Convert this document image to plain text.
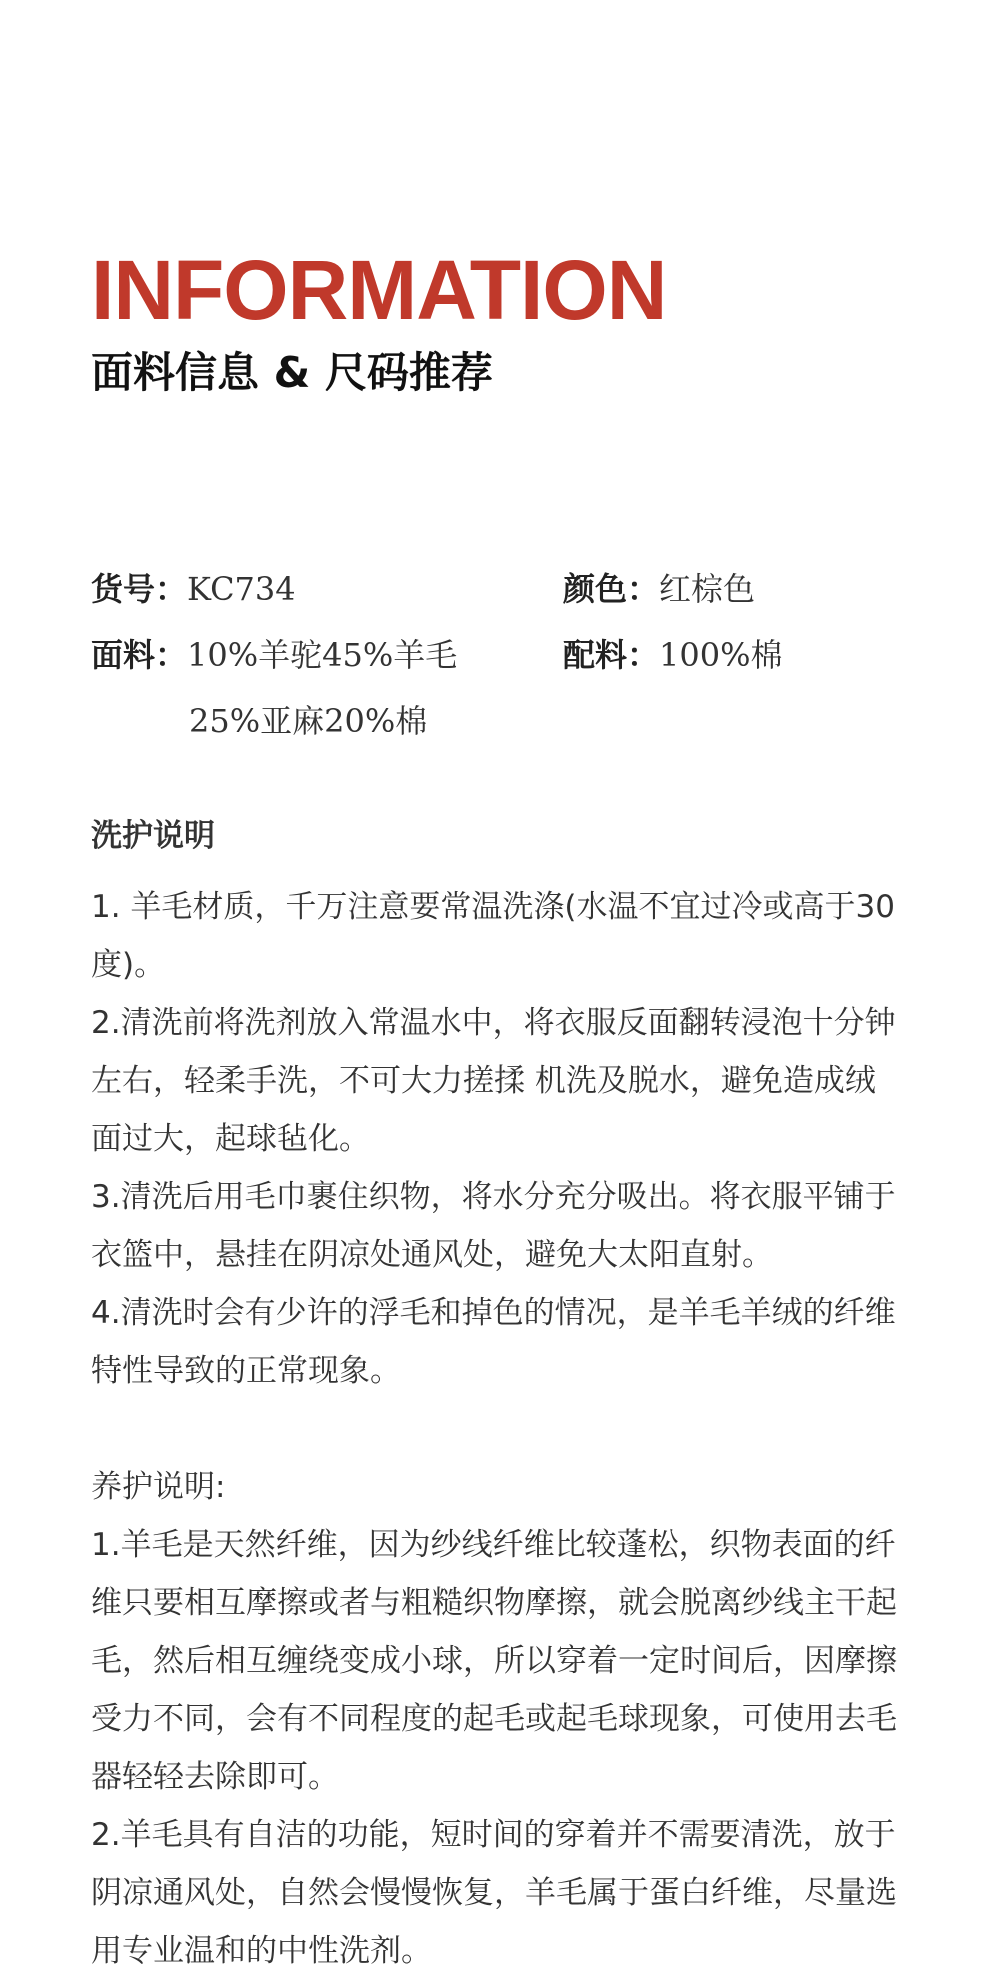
INFORMATION
面料信息 & 尺码推荐
货号：KC734	颜色：红棕色
面料：10%羊驼45%羊毛	配料：100%棉
25%亚麻20%棉
洗护说明

1. 羊毛材质，千万注意要常温洗涤(水温不宜过冷或高于30度)。

2.清洗前将洗剂放入常温水中，将衣服反面翻转浸泡十分钟左右，轻柔手洗，不可大力搓揉 机洗及脱水，避免造成绒面过大，起球毡化。

3.清洗后用毛巾裹住织物，将水分充分吸出。将衣服平铺于衣篮中，悬挂在阴凉处通风处，避免大太阳直射。

4.清洗时会有少许的浮毛和掉色的情况，是羊毛羊绒的纤维特性导致的正常现象。

养护说明:

1.羊毛是天然纤维，因为纱线纤维比较蓬松，织物表面的纤维只要相互摩擦或者与粗糙织物摩擦，就会脱离纱线主干起毛，然后相互缠绕变成小球，所以穿着一定时间后，因摩擦受力不同，会有不同程度的起毛或起毛球现象，可使用去毛器轻轻去除即可。

2.羊毛具有自洁的功能，短时间的穿着并不需要清洗，放于阴凉通风处，自然会慢慢恢复，羊毛属于蛋白纤维，尽量选用专业温和的中性洗剂。
